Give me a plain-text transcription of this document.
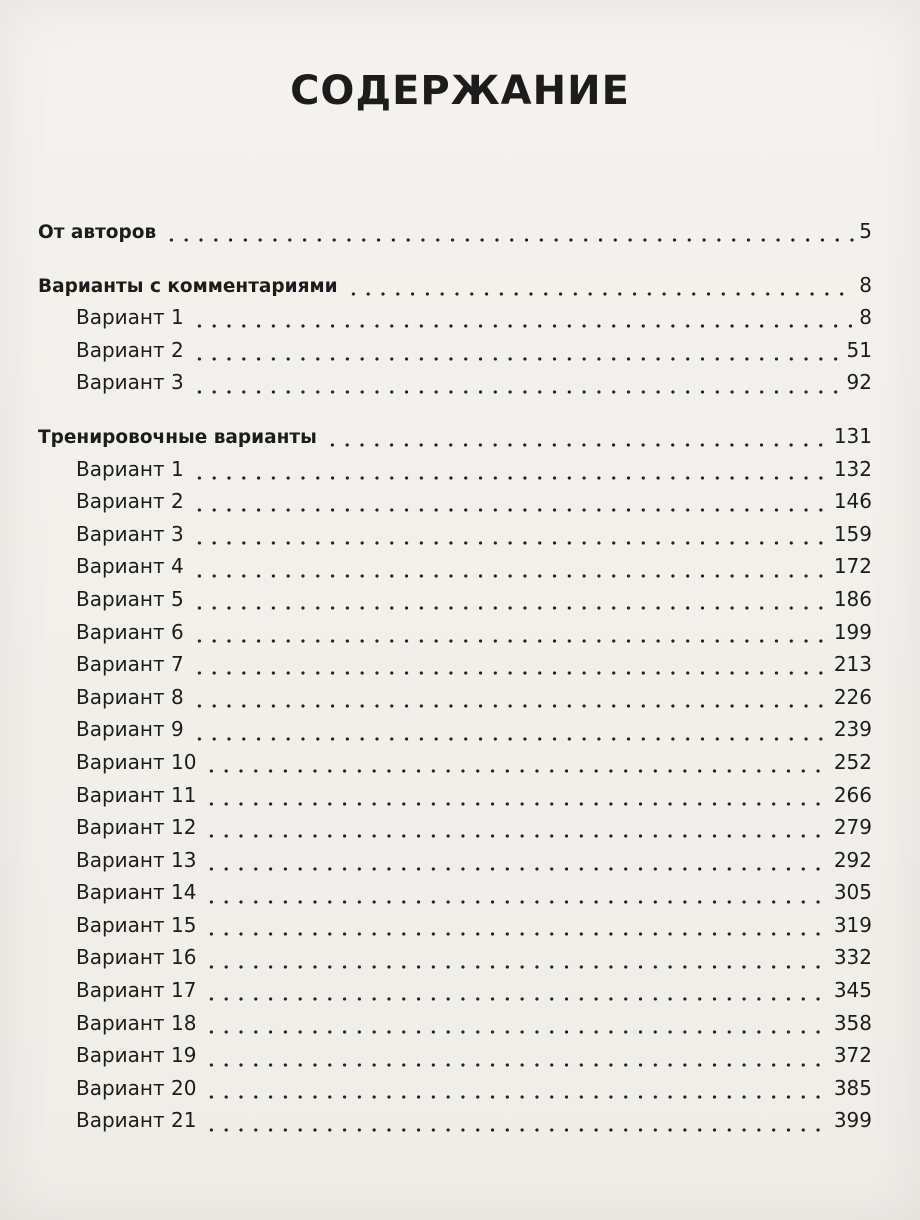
СОДЕРЖАНИЕ
От авторов	5
Варианты с комментариями	8
Вариант 1	8
Вариант 2	51
Вариант 3	92
Тренировочные варианты	131
Вариант 1	132
Вариант 2	146
Вариант 3	159
Вариант 4	172
Вариант 5	186
Вариант 6	199
Вариант 7	213
Вариант 8	226
Вариант 9	239
Вариант 10	252
Вариант 11	266
Вариант 12	279
Вариант 13	292
Вариант 14	305
Вариант 15	319
Вариант 16	332
Вариант 17	345
Вариант 18	358
Вариант 19	372
Вариант 20	385
Вариант 21	399
